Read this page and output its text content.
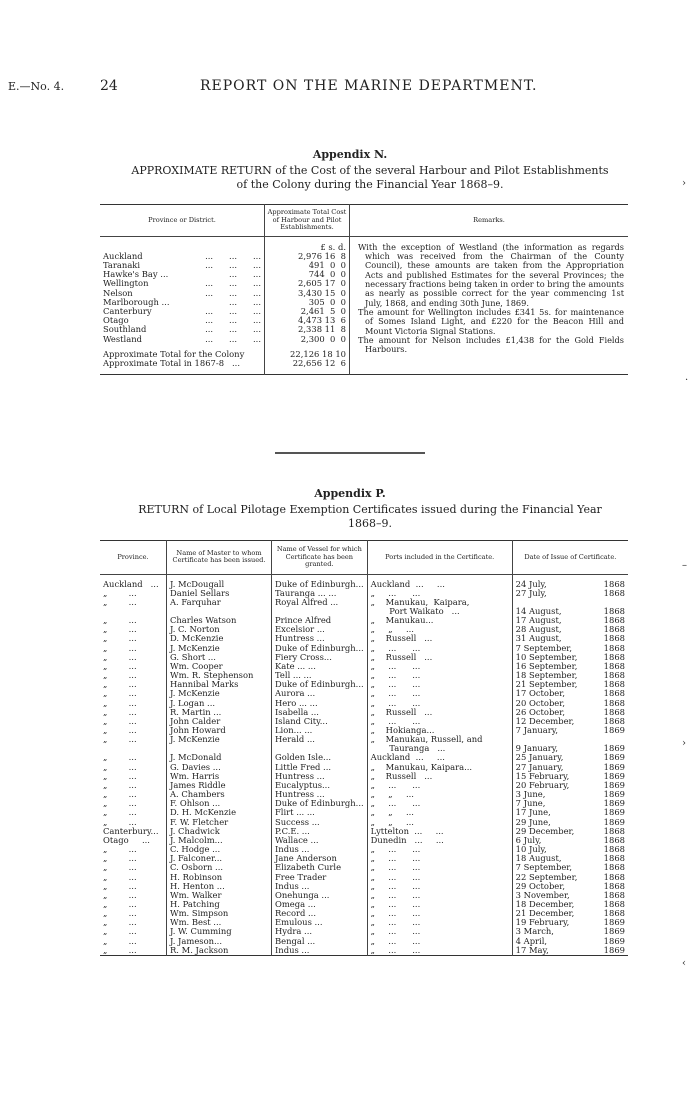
E.—No. 4.	24	REPORT ON THE MARINE DEPARTMENT.
Appendix N.
APPROXIMATE RETURN of the Cost of the several Harbour and Pilot Establishments
of the Colony during the Financial Year 1868–9.
Province or District.	Approximate Total Cost of Harbour and Pilot Establishments.	Remarks.
	£ s. d.	With the exception of Westland (the information as regards which was received from the Chairman of the County Council), these amounts are taken from the Appropriation Acts and published Estimates for the several Provinces; the necessary fractions being taken in order to bring the amounts as nearly as possible correct for the year commencing 1st July, 1868, and ending 30th June, 1869.
The amount for Wellington includes £341 5s. for maintenance of Somes Island Light, and £220 for the Beacon Hill and Mount Victoria Signal Stations.
The amount for Nelson includes £1,438 for the Gold Fields Harbours.

Auckland ...      ...      ...	2,976 16  8	

Taranaki ...      ...      ...	491  0  0	

Hawke's Bay ... ...      ...	744  0  0	

Wellington ...      ...      ...	2,605 17  0	

Nelson ...      ...      ...	3,430 15  0	

Marlborough ... ...      ...	305  0  0	

Canterbury ...      ...      ...	2,461  5  0	

Otago ...      ...      ...	4,473 13  6	

Southland ...      ...      ...	2,338 11  8	

Westland ...      ...      ...	2,300  0  0	
Approximate Total for the Colony	22,126 18 10	
Approximate Total in 1867-8   ...	22,656 12  6	
Appendix P.
RETURN of Local Pilotage Exemption Certificates issued during the Financial Year
1868–9.
Province.	Name of Master to whom Certificate has been issued.	Name of Vessel for which Certificate has been granted.	Ports included in the Certificate.	Date of Issue of Certificate.
Auckland   ...	J. McDougall	Duke of Edinburgh...	Auckland  ...     ...	24 July, 1868

„        ...	Daniel Sellars	Tauranga ... ...	„     ...      ...	27 July, 1868

„        ...	A. Farquhar	Royal Alfred ...	„    Manukau,  Kaipara,	

			Port Waikato   ...	14 August, 1868

„        ...	Charles Watson	Prince Alfred	„    Manukau...	17 August, 1868

„        ...	J. C. Norton	Excelsior ...	„     „     ...	28 August, 1868

„        ...	D. McKenzie	Huntress ...	„    Russell   ...	31 August, 1868

„        ...	J. McKenzie	Duke of Edinburgh...	„     ...      ...	7 September, 1868

„        ...	G. Short ...	Fiery Cross...	„    Russell   ...	10 September, 1868

„        ...	Wm. Cooper	Kate ... ...	„     ...      ...	16 September, 1868

„        ...	Wm. R. Stephenson	Tell ... ...	„     ...      ...	18 September, 1868

„        ...	Hannibal Marks	Duke of Edinburgh...	„     ...      ...	21 September, 1868

„        ...	J. McKenzie	Aurora ...	„     ...      ...	17 October, 1868

„        ...	J. Logan ...	Hero ... ...	„     ...      ...	20 October, 1868

„        ...	R. Martin ...	Isabella ...	„    Russell   ...	26 October, 1868

„        ...	John Calder	Island City...	„     ...      ...	12 December, 1868

„        ...	John Howard	Lion... ...	„    Hokianga...	7 January, 1869

„        ...	J. McKenzie	Herald ...	„    Manukau, Russell, and	

			Tauranga   ...	9 January, 1869

„        ...	J. McDonald	Golden Isle...	Auckland  ...     ...	25 January, 1869

„        ...	G. Davies ...	Little Fred ...	„    Manukau, Kaipara...	27 January, 1869

„        ...	Wm. Harris	Huntress ...	„    Russell   ...	15 February, 1869

„        ...	James Riddle	Eucalyptus...	„     ...      ...	20 February, 1869

„        ...	A. Chambers	Huntress ...	„     „     ...	3 June, 1869

„        ...	F. Ohlson ...	Duke of Edinburgh...	„     ...      ...	7 June, 1869

„        ...	D. H. McKenzie	Flirt ... ...	„     „     ...	17 June, 1869

„        ...	F. W. Fletcher	Success ...	„     „     ...	29 June, 1869

Canterbury...	J. Chadwick	P.C.E. ...	Lyttelton  ...     ...	29 December, 1868

Otago     ...	J. Malcolm...	Wallace ...	Dunedin   ...     ...	6 July, 1868

„        ...	C. Hodge ...	Indus ...	„     ...      ...	10 July, 1868

„        ...	J. Falconer...	Jane Anderson	„     ...      ...	18 August, 1868

„        ...	C. Osborn ...	Elizabeth Curle	„     ...      ...	7 September, 1868

„        ...	H. Robinson	Free Trader	„     ...      ...	22 September, 1868

„        ...	H. Henton ...	Indus ...	„     ...      ...	29 October, 1868

„        ...	Wm. Walker	Onehunga ...	„     ...      ...	3 November, 1868

„        ...	H. Patching	Omega ...	„     ...      ...	18 December, 1868

„        ...	Wm. Simpson	Record ...	„     ...      ...	21 December, 1868

„        ...	Wm. Best ...	Emulous ...	„     ...      ...	19 February, 1869

„        ...	J. W. Cumming	Hydra ...	„     ...      ...	3 March, 1869

„        ...	J. Jameson...	Bengal ...	„     ...      ...	4 April, 1869

„        ...	R. M. Jackson	Indus ...	„     ...      ...	17 May, 1869
›
·
–
›
‹
